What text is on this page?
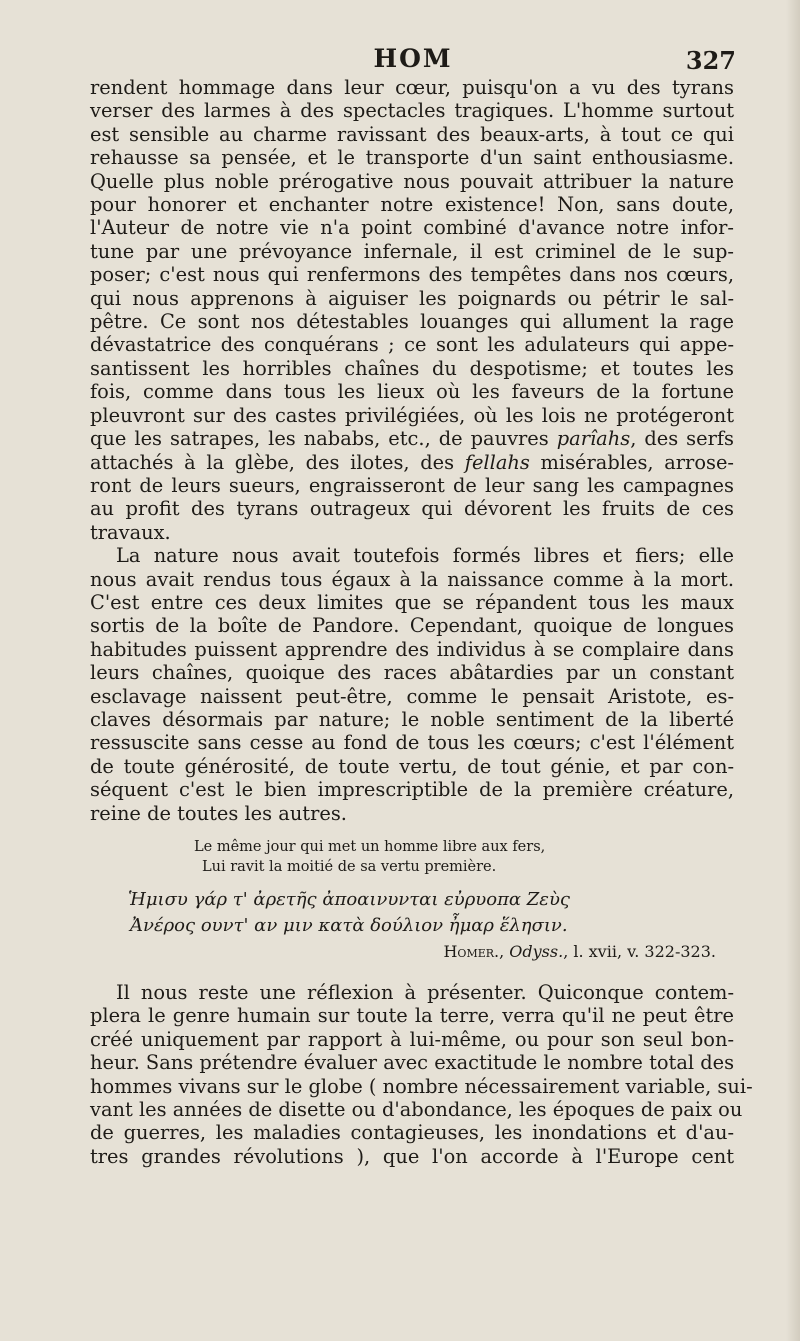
HOM	327
rendent hommage dans leur cœur, puisqu'on a vu des tyrans
verser des larmes à des spectacles tragiques. L'homme surtout
est sensible au charme ravissant des beaux-arts, à tout ce qui
rehausse sa pensée, et le transporte d'un saint enthousiasme.
Quelle plus noble prérogative nous pouvait attribuer la nature
pour honorer et enchanter notre existence! Non, sans doute,
l'Auteur de notre vie n'a point combiné d'avance notre infor-
tune par une prévoyance infernale, il est criminel de le sup-
poser; c'est nous qui renfermons des tempêtes dans nos cœurs,
qui nous apprenons à aiguiser les poignards ou pétrir le sal-
pêtre. Ce sont nos détestables louanges qui allument la rage
dévastatrice des conquérans ; ce sont les adulateurs qui appe-
santissent les horribles chaînes du despotisme; et toutes les
fois, comme dans tous les lieux où les faveurs de la fortune
pleuvront sur des castes privilégiées, où les lois ne protégeront
que les satrapes, les nababs, etc., de pauvres parîahs, des serfs
attachés à la glèbe, des ilotes, des fellahs misérables, arrose-
ront de leurs sueurs, engraisseront de leur sang les campagnes
au profit des tyrans outrageux qui dévorent les fruits de ces
travaux.
La nature nous avait toutefois formés libres et fiers; elle
nous avait rendus tous égaux à la naissance comme à la mort.
C'est entre ces deux limites que se répandent tous les maux
sortis de la boîte de Pandore. Cependant, quoique de longues
habitudes puissent apprendre des individus à se complaire dans
leurs chaînes, quoique des races abâtardies par un constant
esclavage naissent peut-être, comme le pensait Aristote, es-
claves désormais par nature; le noble sentiment de la liberté
ressuscite sans cesse au fond de tous les cœurs; c'est l'élément
de toute générosité, de toute vertu, de tout génie, et par con-
séquent c'est le bien imprescriptible de la première créature,
reine de toutes les autres.
Le même jour qui met un homme libre aux fers,
Lui ravit la moitié de sa vertu première.
Ἡμισυ γάρ τ' ἀρετῆς ἀποαινυνται εὐρυοπα Ζεὺς
Ἀνέρος ουντ' αν μιν κατὰ δούλιον ἦμαρ ἕλησιν.
Homer., Odyss., l. xvii, v. 322-323.
Il nous reste une réflexion à présenter. Quiconque contem-
plera le genre humain sur toute la terre, verra qu'il ne peut être
créé uniquement par rapport à lui-même, ou pour son seul bon-
heur. Sans prétendre évaluer avec exactitude le nombre total des
hommes vivans sur le globe ( nombre nécessairement variable, sui-
vant les années de disette ou d'abondance, les époques de paix ou
de guerres, les maladies contagieuses, les inondations et d'au-
tres grandes révolutions ), que l'on accorde à l'Europe cent
